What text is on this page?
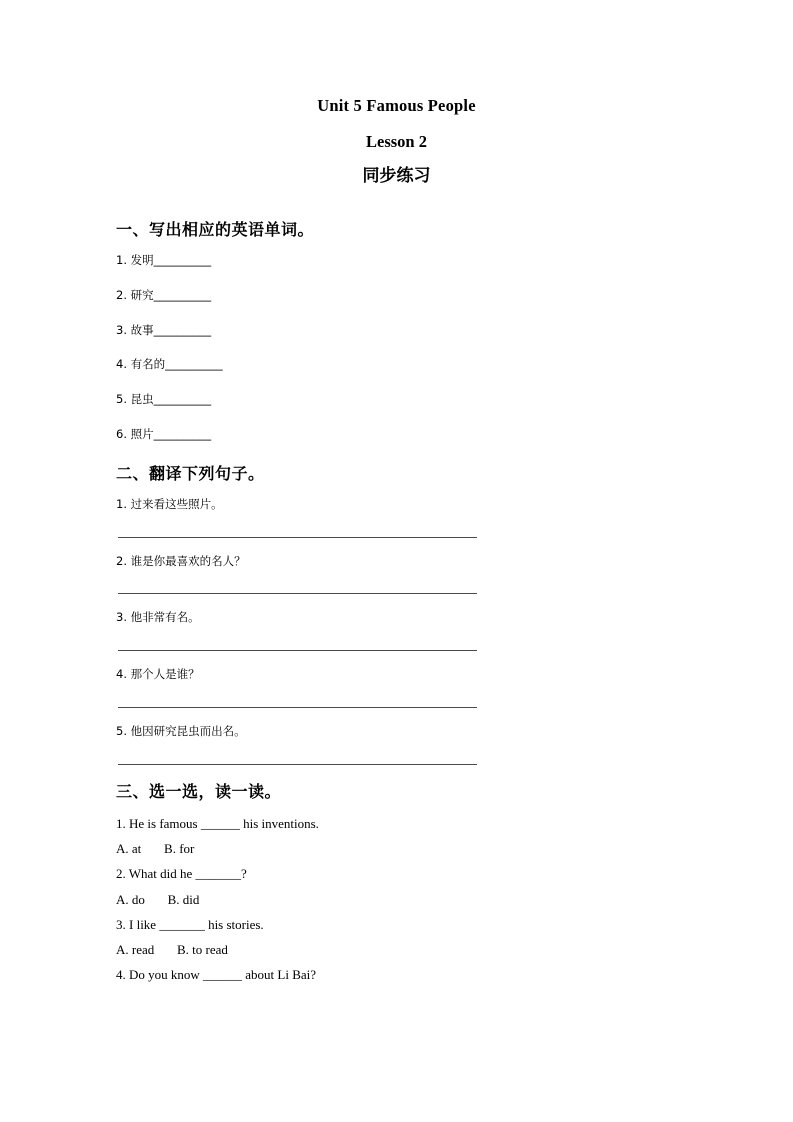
Unit 5 Famous People
Lesson 2
同步练习
一、写出相应的英语单词。
1. 发明__________
2. 研究__________
3. 故事__________
4. 有名的__________
5. 昆虫__________
6. 照片__________
二、翻译下列句子。
1. 过来看这些照片。
2. 谁是你最喜欢的名人？
3. 他非常有名。
4. 那个人是谁？
5. 他因研究昆虫而出名。
三、选一选，读一读。
1. He is famous ______ his inventions.
A. at       B. for
2. What did he _______?
A. do       B. did
3. I like _______ his stories.
A. read       B. to read
4. Do you know ______ about Li Bai?
